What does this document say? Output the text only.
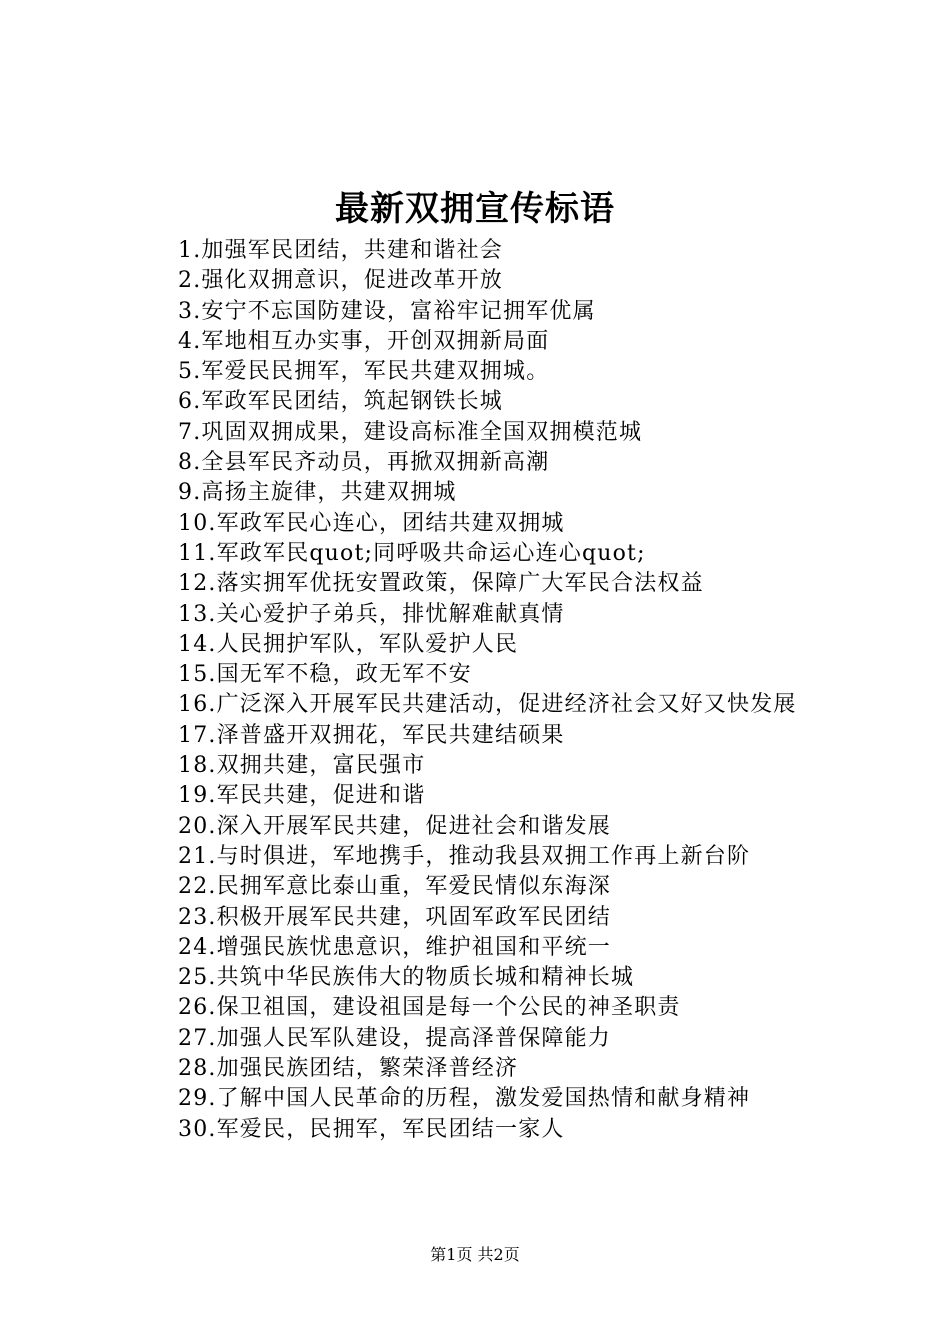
最新双拥宣传标语
1.加强军民团结，共建和谐社会
2.强化双拥意识，促进改革开放
3.安宁不忘国防建设，富裕牢记拥军优属
4.军地相互办实事，开创双拥新局面
5.军爱民民拥军，军民共建双拥城。
6.军政军民团结，筑起钢铁长城
7.巩固双拥成果，建设高标准全国双拥模范城
8.全县军民齐动员，再掀双拥新高潮
9.高扬主旋律，共建双拥城
10.军政军民心连心，团结共建双拥城
11.军政军民quot;同呼吸共命运心连心quot;
12.落实拥军优抚安置政策，保障广大军民合法权益
13.关心爱护子弟兵，排忧解难献真情
14.人民拥护军队，军队爱护人民
15.国无军不稳，政无军不安
16.广泛深入开展军民共建活动，促进经济社会又好又快发展
17.泽普盛开双拥花，军民共建结硕果
18.双拥共建，富民强市
19.军民共建，促进和谐
20.深入开展军民共建，促进社会和谐发展
21.与时俱进，军地携手，推动我县双拥工作再上新台阶
22.民拥军意比泰山重，军爱民情似东海深
23.积极开展军民共建，巩固军政军民团结
24.增强民族忧患意识，维护祖国和平统一
25.共筑中华民族伟大的物质长城和精神长城
26.保卫祖国，建设祖国是每一个公民的神圣职责
27.加强人民军队建设，提高泽普保障能力
28.加强民族团结，繁荣泽普经济
29.了解中国人民革命的历程，激发爱国热情和献身精神
30.军爱民，民拥军，军民团结一家人
第1页 共2页
